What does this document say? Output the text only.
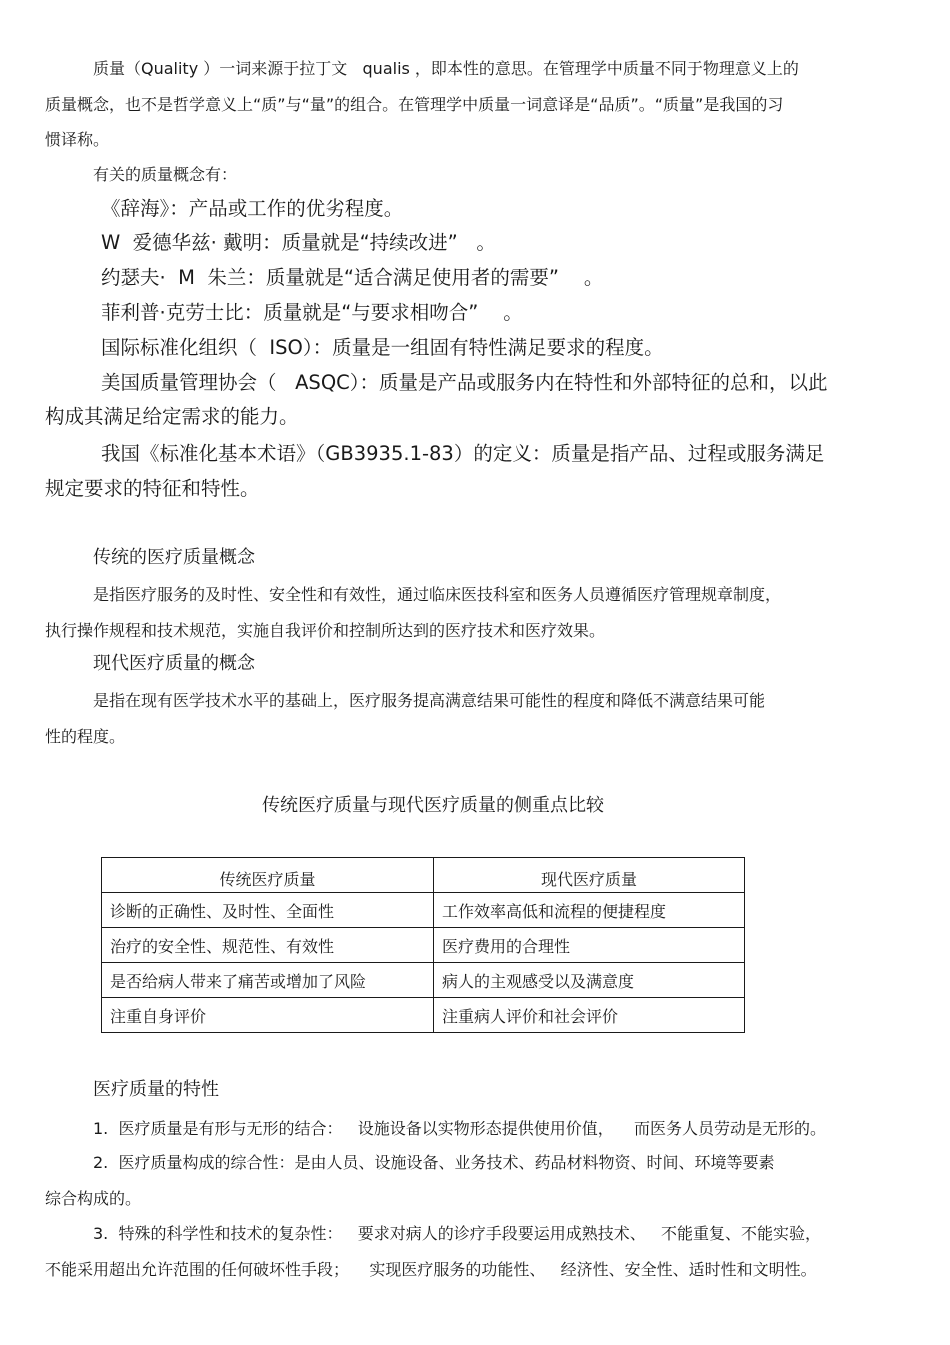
质量（Quality ）一词来源于拉丁文   qualis ，即本性的意思。在管理学中质量不同于物理意义上的
质量概念，也不是哲学意义上“质”与“量”的组合。在管理学中质量一词意译是“品质”。“质量”是我国的习
惯译称。
有关的质量概念有：
《辞海》：产品或工作的优劣程度。
W  爱德华兹· 戴明：质量就是“持续改进”   。
约瑟夫·  M  朱兰：质量就是“适合满足使用者的需要”    。
菲利普·克劳士比：质量就是“与要求相吻合”    。
国际标准化组织（  ISO）：质量是一组固有特性满足要求的程度。
美国质量管理协会（   ASQC）：质量是产品或服务内在特性和外部特征的总和，以此
构成其满足给定需求的能力。
我国《标准化基本术语》（GB3935.1-83）的定义：质量是指产品、过程或服务满足
规定要求的特征和特性。
传统的医疗质量概念
是指医疗服务的及时性、安全性和有效性，通过临床医技科室和医务人员遵循医疗管理规章制度，
执行操作规程和技术规范，实施自我评价和控制所达到的医疗技术和医疗效果。
现代医疗质量的概念
是指在现有医学技术水平的基础上，医疗服务提高满意结果可能性的程度和降低不满意结果可能
性的程度。
传统医疗质量与现代医疗质量的侧重点比较
传统医疗质量	现代医疗质量
诊断的正确性、及时性、全面性	工作效率高低和流程的便捷程度
治疗的安全性、规范性、有效性	医疗费用的合理性
是否给病人带来了痛苦或增加了风险	病人的主观感受以及满意度
注重自身评价	注重病人评价和社会评价
医疗质量的特性
1.  医疗质量是有形与无形的结合：   设施设备以实物形态提供使用价值，    而医务人员劳动是无形的。
2.  医疗质量构成的综合性：是由人员、设施设备、业务技术、药品材料物资、时间、环境等要素
综合构成的。
3.  特殊的科学性和技术的复杂性：   要求对病人的诊疗手段要运用成熟技术、   不能重复、不能实验，
不能采用超出允许范围的任何破坏性手段；    实现医疗服务的功能性、   经济性、安全性、适时性和文明性。
